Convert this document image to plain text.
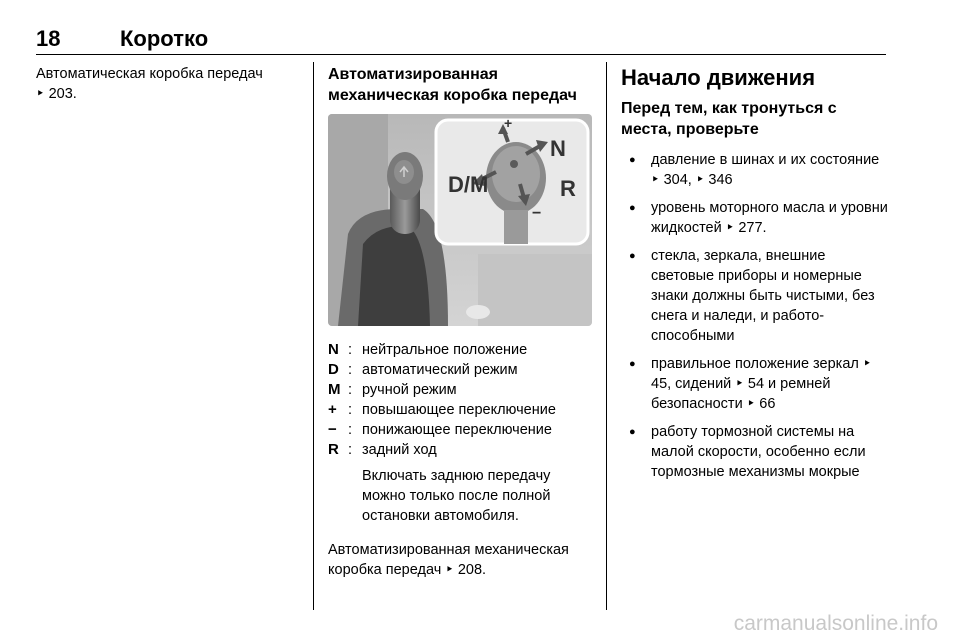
18	Коротко
Автоматическая коробка передач
‣ 203.

Автоматизированная механическая коробка передач

+
D/M
N
R
−
N : нейтральное положение
D : автоматический режим
M : ручной режим
+ : повышающее переключение
− : понижающее переключение
R : задний ход
Включать заднюю передачу можно только после полной остановки автомобиля.
Автоматизированная механическая коробка передач ‣ 208.

Начало движения

Перед тем, как тронуться с места, проверьте

● давление в шинах и их состояние ‣ 304, ‣ 346
● уровень моторного масла и уровни жидкостей ‣ 277.
● стекла, зеркала, внешние световые приборы и номерные знаки должны быть чистыми, без снега и наледи, и работоспособными
● правильное положение зеркал ‣ 45, сидений ‣ 54 и ремней безопасности ‣ 66
● работу тормозной системы на малой скорости, особенно если тормозные механизмы мокрые
carmanualsonline.info
